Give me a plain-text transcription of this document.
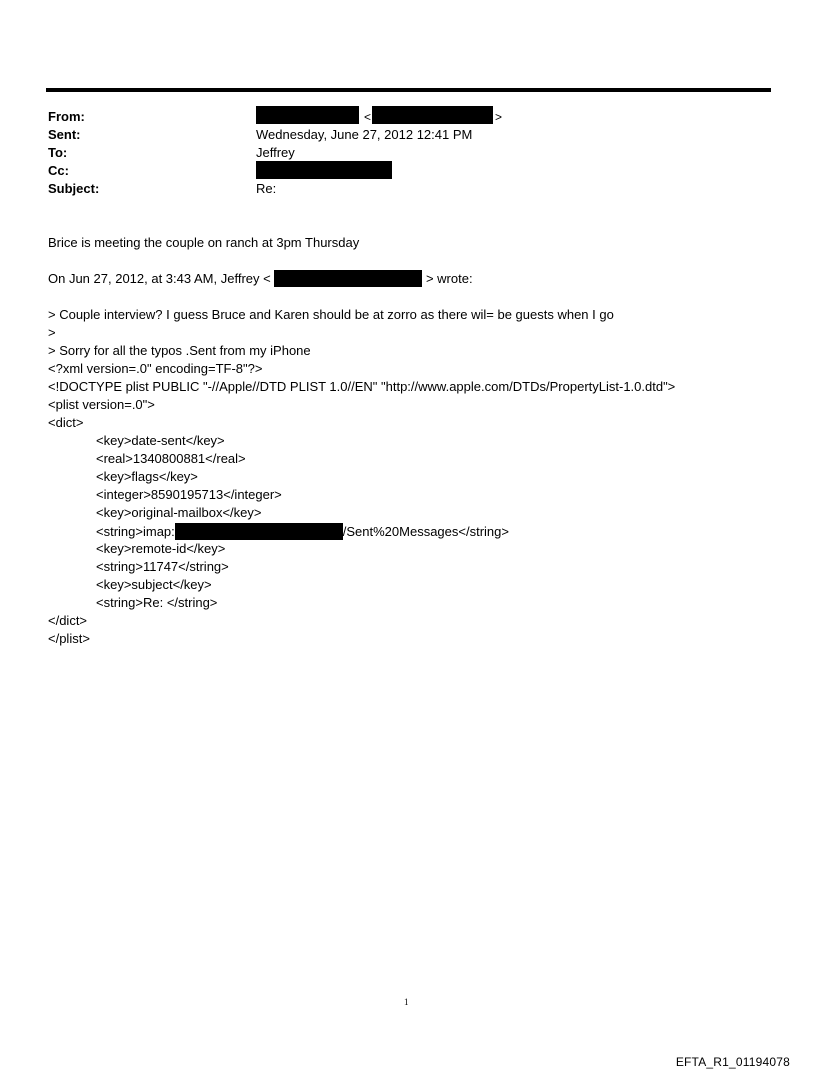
From:	<	>
Sent:	Wednesday, June 27, 2012 12:41 PM
To:	Jeffrey
Cc:
Subject:	Re:
Brice is meeting the couple on ranch at 3pm Thursday
On Jun 27, 2012, at 3:43 AM, Jeffrey <	> wrote:
> Couple interview? I guess Bruce and Karen should be at zorro as there wil= be guests when I go
>
> Sorry for all the typos .Sent from my iPhone
<?xml version=.0" encoding=TF-8"?>
<!DOCTYPE plist PUBLIC "-//Apple//DTD PLIST 1.0//EN" "http://www.apple.com/DTDs/PropertyList-1.0.dtd">
<plist version=.0">
<dict>
<key>date-sent</key>
<real>1340800881</real>
<key>flags</key>
<integer>8590195713</integer>
<key>original-mailbox</key>
<string>imap:	/Sent%20Messages</string>
<key>remote-id</key>
<string>11747</string>
<key>subject</key>
<string>Re: </string>
</dict>
</plist>
1
EFTA_R1_01194078
